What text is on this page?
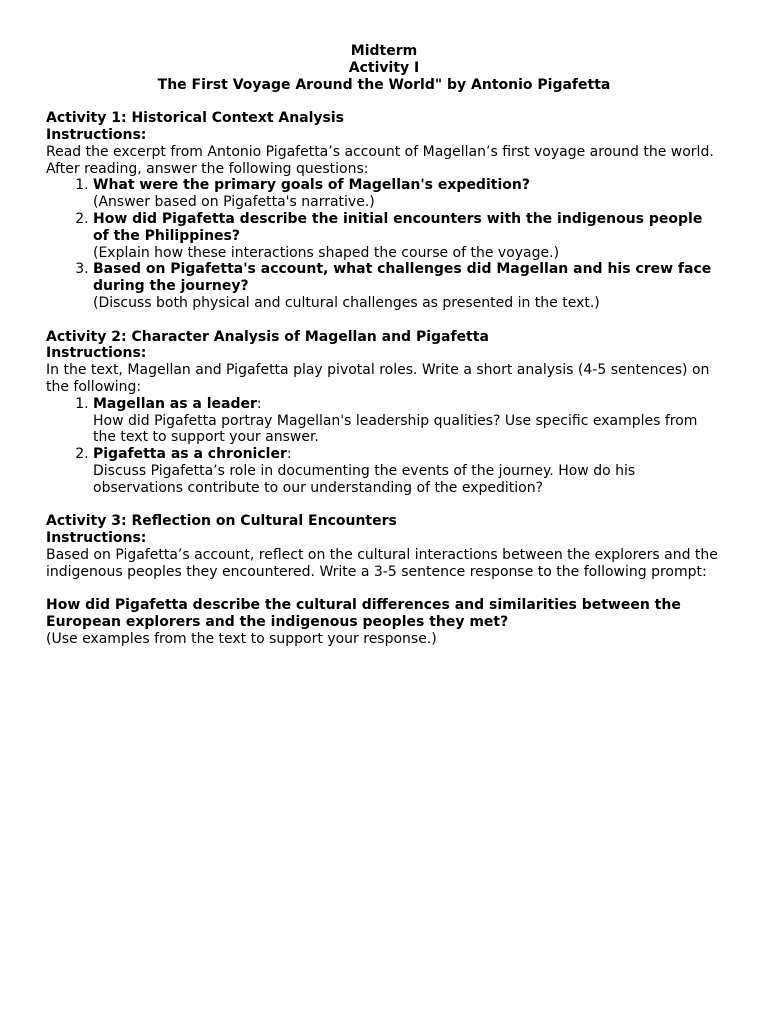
Midterm
Activity I
The First Voyage Around the World" by Antonio Pigafetta
Activity 1: Historical Context Analysis
Instructions:
Read the excerpt from Antonio Pigafetta’s account of Magellan’s first voyage around the world. After reading, answer the following questions:
1. What were the primary goals of Magellan's expedition?
(Answer based on Pigafetta's narrative.)
2. How did Pigafetta describe the initial encounters with the indigenous people of the Philippines?
(Explain how these interactions shaped the course of the voyage.)
3. Based on Pigafetta's account, what challenges did Magellan and his crew face during the journey?
(Discuss both physical and cultural challenges as presented in the text.)
Activity 2: Character Analysis of Magellan and Pigafetta
Instructions:
In the text, Magellan and Pigafetta play pivotal roles. Write a short analysis (4-5 sentences) on the following:
1. Magellan as a leader:
How did Pigafetta portray Magellan's leadership qualities? Use specific examples from the text to support your answer.
2. Pigafetta as a chronicler:
Discuss Pigafetta’s role in documenting the events of the journey. How do his observations contribute to our understanding of the expedition?
Activity 3: Reflection on Cultural Encounters
Instructions:
Based on Pigafetta’s account, reflect on the cultural interactions between the explorers and the indigenous peoples they encountered. Write a 3-5 sentence response to the following prompt:
How did Pigafetta describe the cultural differences and similarities between the European explorers and the indigenous peoples they met?
(Use examples from the text to support your response.)
